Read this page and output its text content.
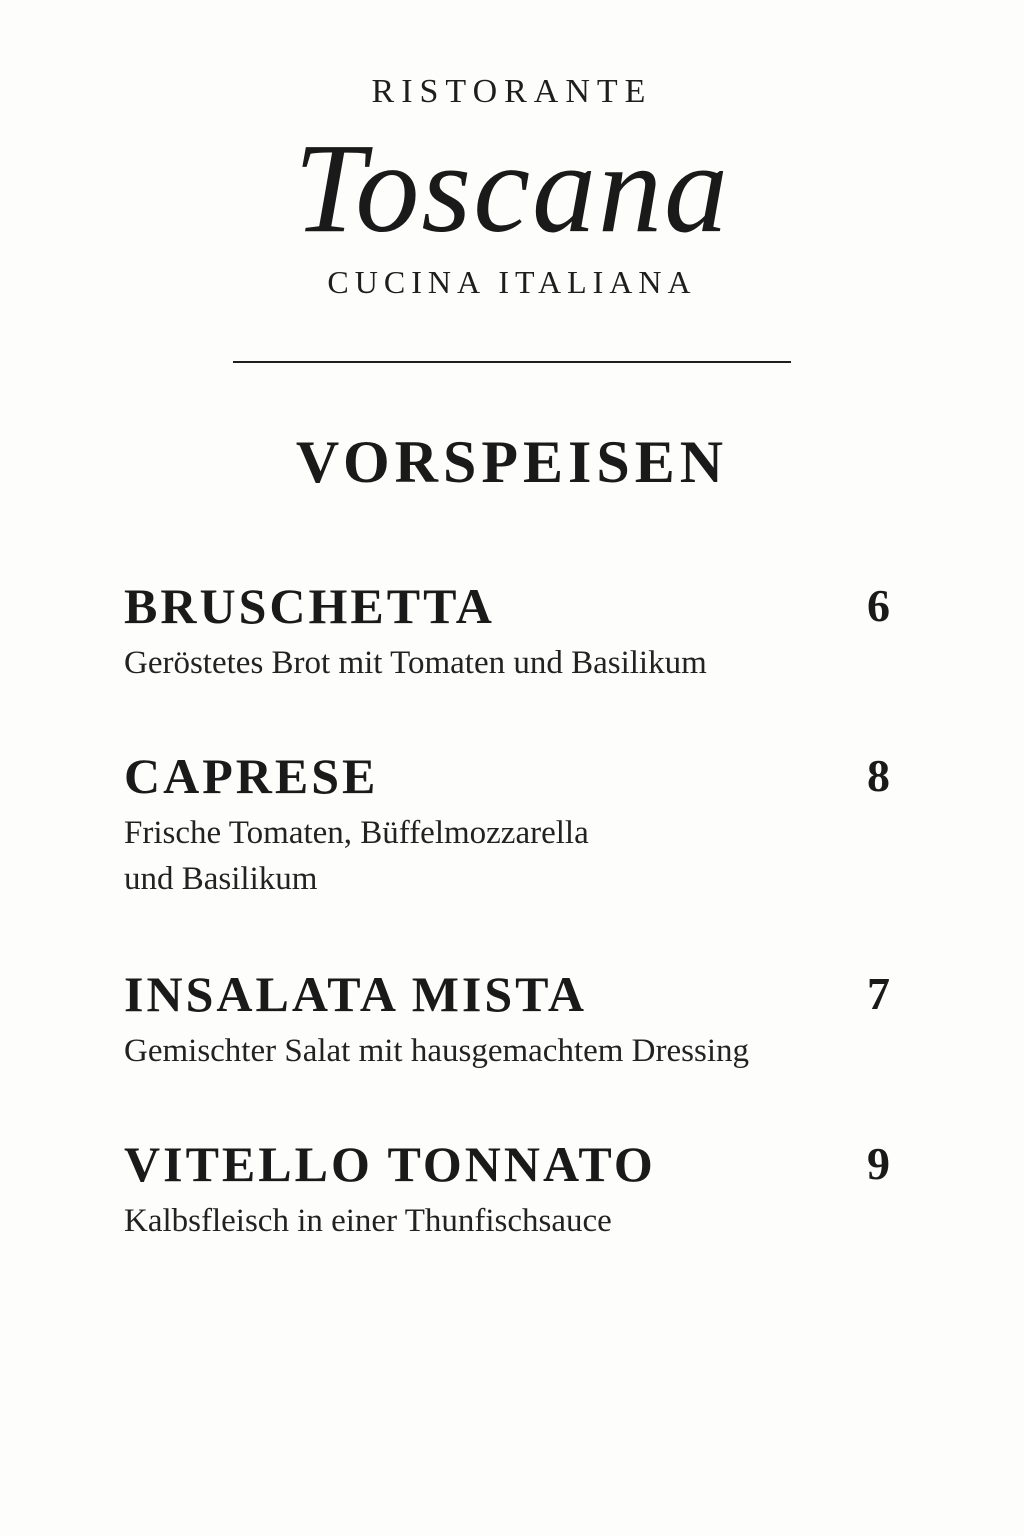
RISTORANTE
Toscana
CUCINA ITALIANA
VORSPEISEN
BRUSCHETTA	6
Geröstetes Brot mit Tomaten und Basilikum
CAPRESE	8
Frische Tomaten, Büffelmozzarella
und Basilikum
INSALATA MISTA	7
Gemischter Salat mit hausgemachtem Dressing
VITELLO TONNATO	9
Kalbsfleisch in einer Thunfischsauce
